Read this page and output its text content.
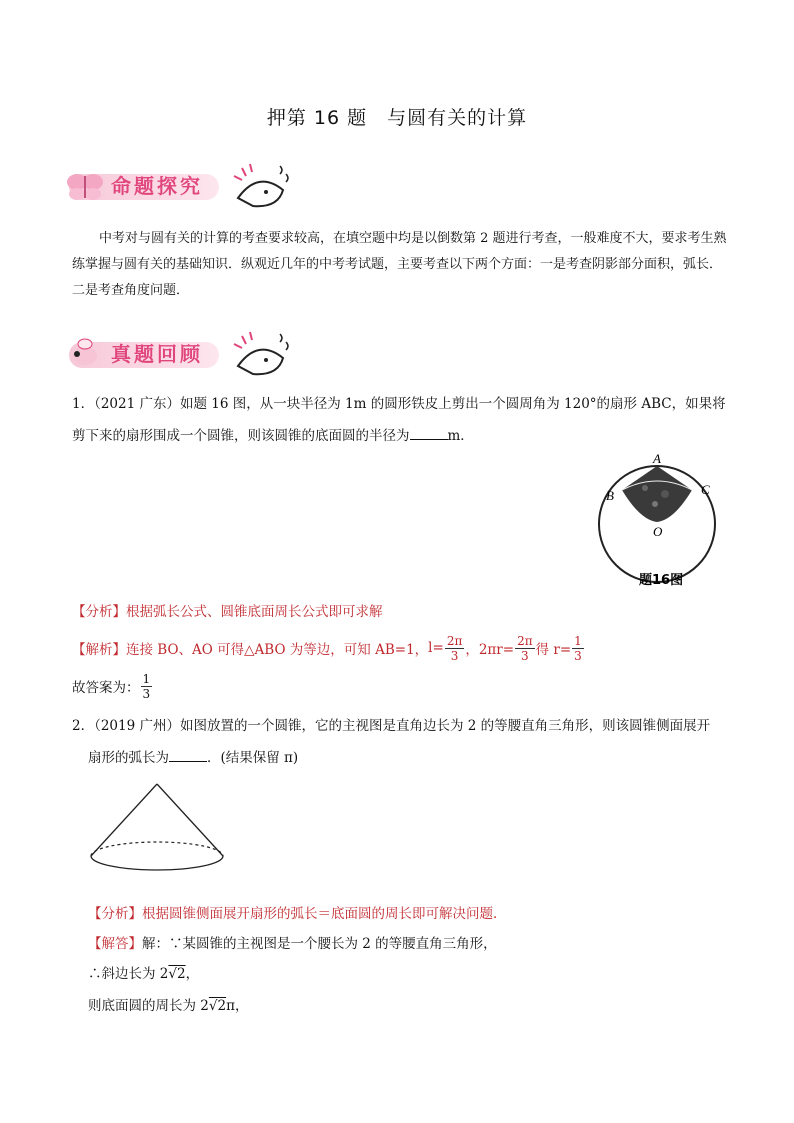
押第 16 题　与圆有关的计算
命题探究
中考对与圆有关的计算的考查要求较高，在填空题中均是以倒数第 2 题进行考查，一般难度不大，要求考生熟练掌握与圆有关的基础知识．纵观近几年的中考考试题，主要考查以下两个方面：一是考查阴影部分面积，弧长．二是考查角度问题．
真题回顾
1．（2021 广东）如题 16 图，从一块半径为 1m 的圆形铁皮上剪出一个圆周角为 120°的扇形 ABC，如果将
剪下来的扇形围成一个圆锥，则该圆锥的底面圆的半径为	m．
A
B	C
O
题16图
【分析】根据弧长公式、圆锥底面周长公式即可求解
【解析】 连接 BO、AO 可得△ABO 为等边，可知 AB=1， $l= \frac{2\pi}{3}$ ，$2\pi r= \frac{2\pi}{3}$ 得 $r= \frac{1}{3}$
故答案为： $\frac{1}{3}$
2．（2019 广州）如图放置的一个圆锥，它的主视图是直角边长为 2 的等腰直角三角形，则该圆锥侧面展开
扇形的弧长为	．(结果保留 π)
【分析】根据圆锥侧面展开扇形的弧长＝底面圆的周长即可解决问题．
【解答】解：∵某圆锥的主视图是一个腰长为 2 的等腰直角三角形，
∴斜边长为 2√2，
则底面圆的周长为 2√2π，
